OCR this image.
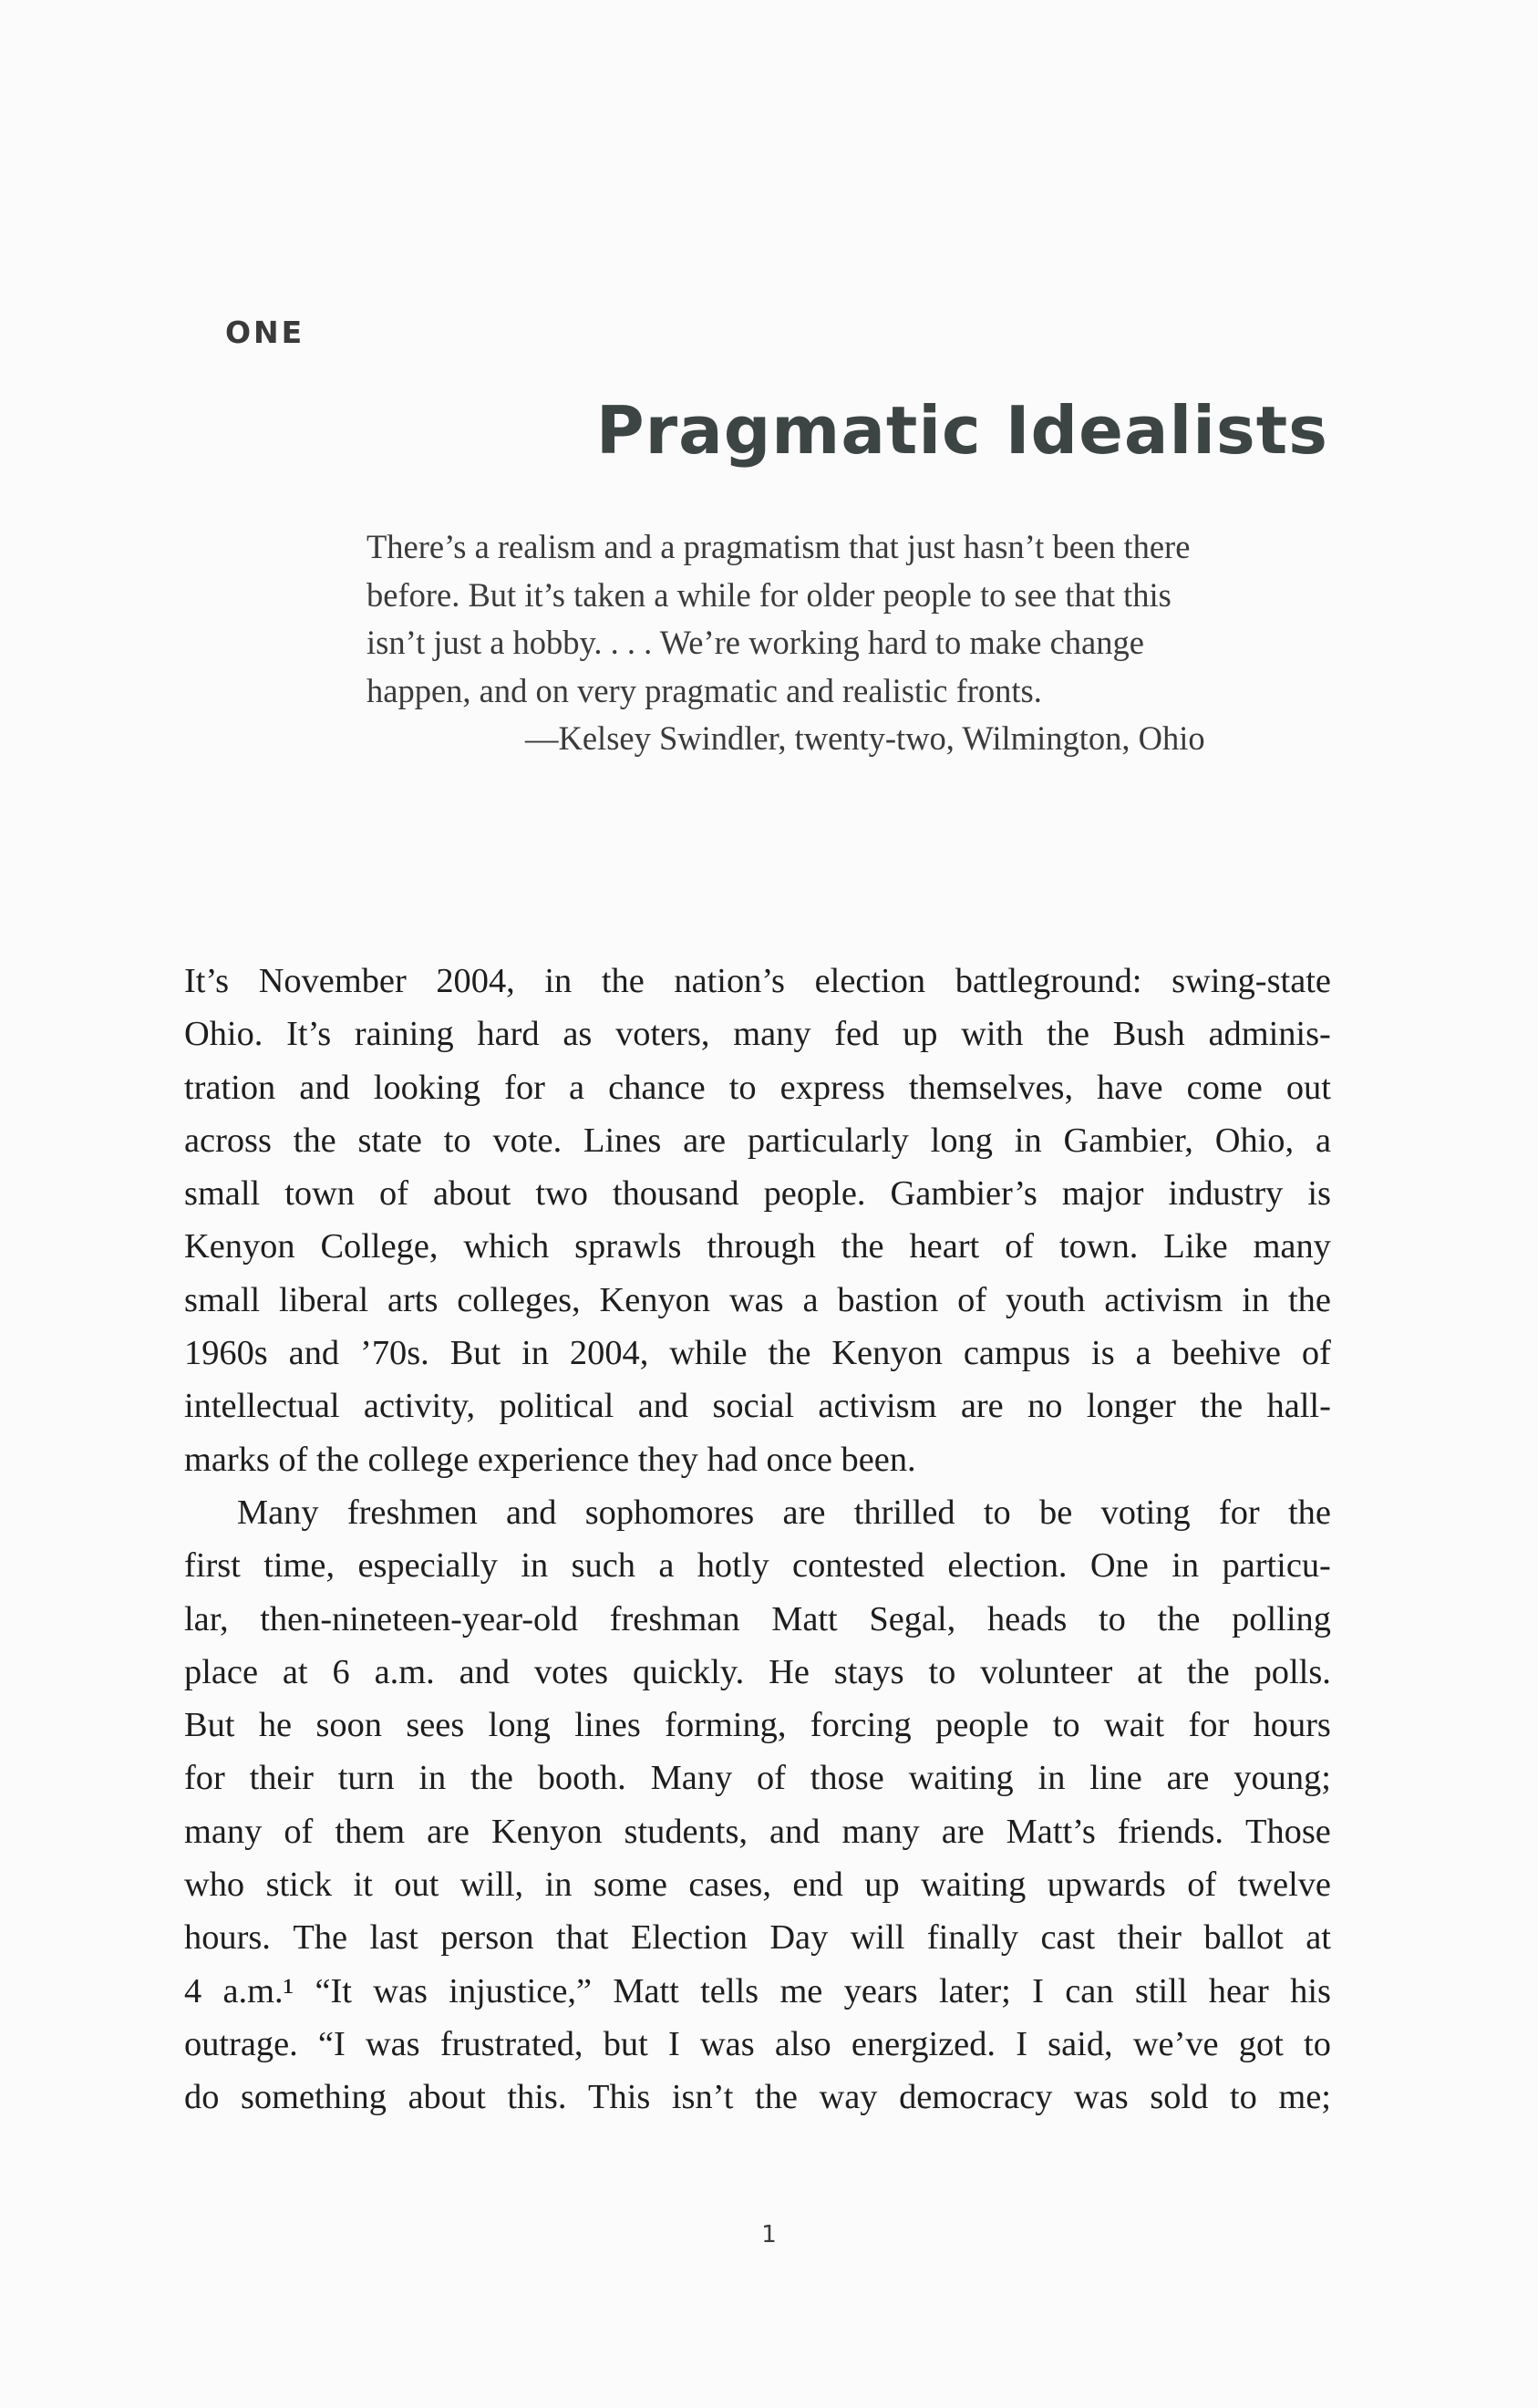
ONE
Pragmatic Idealists
There’s a realism and a pragmatism that just hasn’t been there
before. But it’s taken a while for older people to see that this
isn’t just a hobby. . . . We’re working hard to make change
happen, and on very pragmatic and realistic fronts.
—Kelsey Swindler, twenty-two, Wilmington, Ohio
It’s November 2004, in the nation’s election battleground: swing-state
Ohio. It’s raining hard as voters, many fed up with the Bush adminis-
tration and looking for a chance to express themselves, have come out
across the state to vote. Lines are particularly long in Gambier, Ohio, a
small town of about two thousand people. Gambier’s major industry is
Kenyon College, which sprawls through the heart of town. Like many
small liberal arts colleges, Kenyon was a bastion of youth activism in the
1960s and ’70s. But in 2004, while the Kenyon campus is a beehive of
intellectual activity, political and social activism are no longer the hall-
marks of the college experience they had once been.
Many freshmen and sophomores are thrilled to be voting for the
first time, especially in such a hotly contested election. One in particu-
lar, then-nineteen-year-old freshman Matt Segal, heads to the polling
place at 6 a.m. and votes quickly. He stays to volunteer at the polls.
But he soon sees long lines forming, forcing people to wait for hours
for their turn in the booth. Many of those waiting in line are young;
many of them are Kenyon students, and many are Matt’s friends. Those
who stick it out will, in some cases, end up waiting upwards of twelve
hours. The last person that Election Day will finally cast their ballot at
4 a.m.¹ “It was injustice,” Matt tells me years later; I can still hear his
outrage. “I was frustrated, but I was also energized. I said, we’ve got to
do something about this. This isn’t the way democracy was sold to me;
1
